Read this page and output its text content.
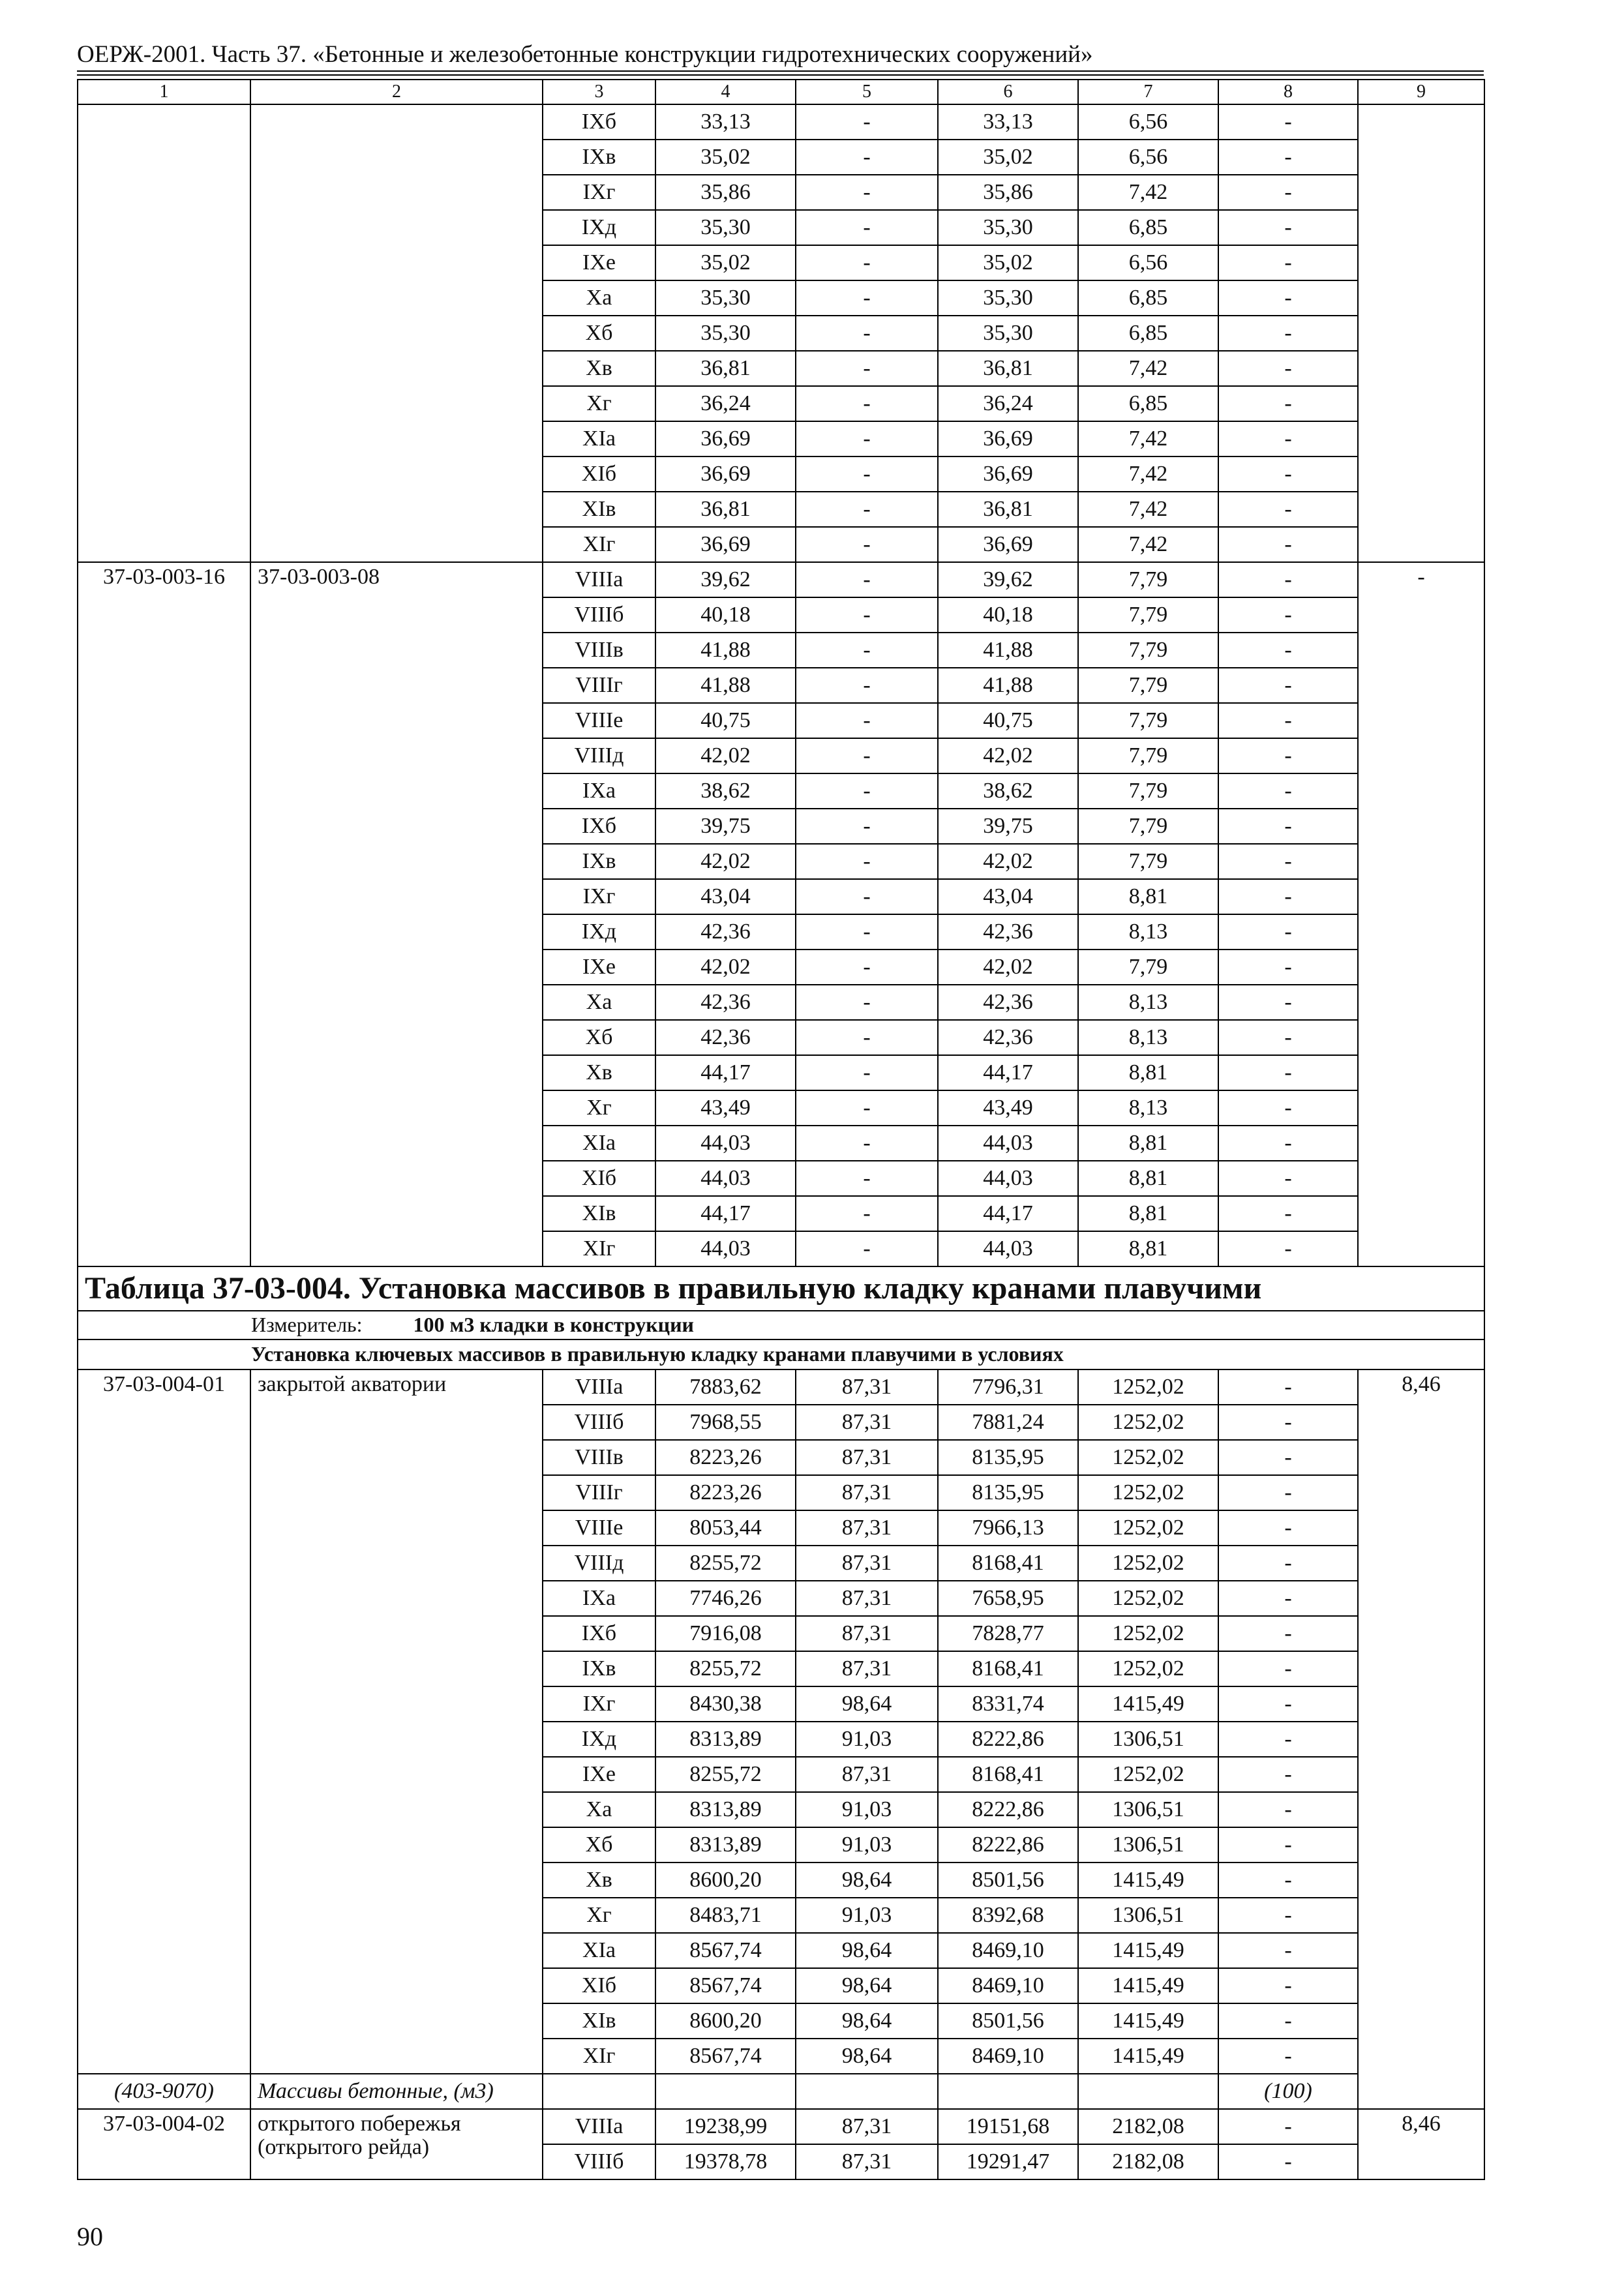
ОЕРЖ-2001. Часть 37. «Бетонные и железобетонные конструкции гидротехнических сооружений»
1	2	3	4	5	6	7	8	9
		IXб	33,13	-	33,13	6,56	-	
		IXв	35,02	-	35,02	6,56	-	
		IXг	35,86	-	35,86	7,42	-	
		IXд	35,30	-	35,30	6,85	-	
		IXе	35,02	-	35,02	6,56	-	
		Xа	35,30	-	35,30	6,85	-	
		Xб	35,30	-	35,30	6,85	-	
		Xв	36,81	-	36,81	7,42	-	
		Xг	36,24	-	36,24	6,85	-	
		XIа	36,69	-	36,69	7,42	-	
		XIб	36,69	-	36,69	7,42	-	
		XIв	36,81	-	36,81	7,42	-	
		XIг	36,69	-	36,69	7,42	-	
37-03-003-16	37-03-003-08	VIIIа	39,62	-	39,62	7,79	-	-
		VIIIб	40,18	-	40,18	7,79	-	
		VIIIв	41,88	-	41,88	7,79	-	
		VIIIг	41,88	-	41,88	7,79	-	
		VIIIе	40,75	-	40,75	7,79	-	
		VIIIд	42,02	-	42,02	7,79	-	
		IXа	38,62	-	38,62	7,79	-	
		IXб	39,75	-	39,75	7,79	-	
		IXв	42,02	-	42,02	7,79	-	
		IXг	43,04	-	43,04	8,81	-	
		IXд	42,36	-	42,36	8,13	-	
		IXе	42,02	-	42,02	7,79	-	
		Xа	42,36	-	42,36	8,13	-	
		Xб	42,36	-	42,36	8,13	-	
		Xв	44,17	-	44,17	8,81	-	
		Xг	43,49	-	43,49	8,13	-	
		XIа	44,03	-	44,03	8,81	-	
		XIб	44,03	-	44,03	8,81	-	
		XIв	44,17	-	44,17	8,81	-	
		XIг	44,03	-	44,03	8,81	-	
Таблица 37-03-004. Установка массивов в правильную кладку кранами плавучими								
Измеритель: 100 м3 кладки в конструкции								
Установка ключевых массивов в правильную кладку кранами плавучими в условиях								
37-03-004-01	закрытой акватории	VIIIа	7883,62	87,31	7796,31	1252,02	-	8,46
		VIIIб	7968,55	87,31	7881,24	1252,02	-	
		VIIIв	8223,26	87,31	8135,95	1252,02	-	
		VIIIг	8223,26	87,31	8135,95	1252,02	-	
		VIIIе	8053,44	87,31	7966,13	1252,02	-	
		VIIIд	8255,72	87,31	8168,41	1252,02	-	
		IXа	7746,26	87,31	7658,95	1252,02	-	
		IXб	7916,08	87,31	7828,77	1252,02	-	
		IXв	8255,72	87,31	8168,41	1252,02	-	
		IXг	8430,38	98,64	8331,74	1415,49	-	
		IXд	8313,89	91,03	8222,86	1306,51	-	
		IXе	8255,72	87,31	8168,41	1252,02	-	
		Xа	8313,89	91,03	8222,86	1306,51	-	
		Xб	8313,89	91,03	8222,86	1306,51	-	
		Xв	8600,20	98,64	8501,56	1415,49	-	
		Xг	8483,71	91,03	8392,68	1306,51	-	
		XIа	8567,74	98,64	8469,10	1415,49	-	
		XIб	8567,74	98,64	8469,10	1415,49	-	
		XIв	8600,20	98,64	8501,56	1415,49	-	
		XIг	8567,74	98,64	8469,10	1415,49	-	
(403-9070)	Массивы бетонные, (м3)						(100)	
37-03-004-02	открытого побережья (открытого рейда)	VIIIа	19238,99	87,31	19151,68	2182,08	-	8,46
		VIIIб	19378,78	87,31	19291,47	2182,08	-	
90
